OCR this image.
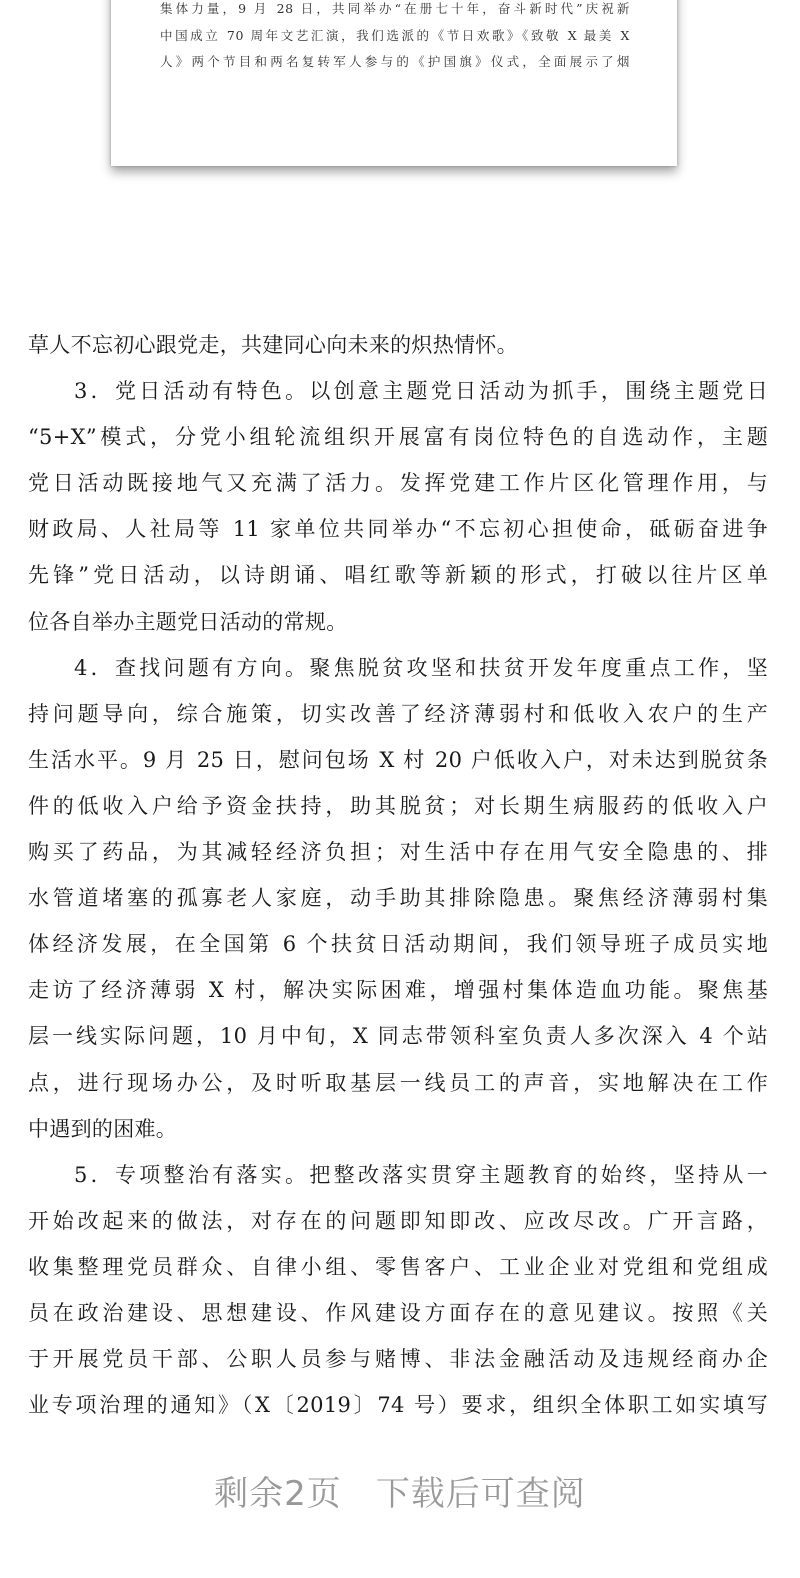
集体力量，9 月 28 日，共同举办“在册七十年，奋斗新时代”庆祝新
中国成立 70 周年文艺汇演，我们选派的《节日欢歌》《致敬 X 最美 X
人》两个节目和两名复转军人参与的《护国旗》仪式，全面展示了烟
草人不忘初心跟党走，共建同心向未来的炽热情怀。
3．党日活动有特色。以创意主题党日活动为抓手，围绕主题党日
“5+X”模式，分党小组轮流组织开展富有岗位特色的自选动作，主题
党日活动既接地气又充满了活力。发挥党建工作片区化管理作用，与
财政局、人社局等 11 家单位共同举办“不忘初心担使命，砥砺奋进争
先锋”党日活动，以诗朗诵、唱红歌等新颖的形式，打破以往片区单
位各自举办主题党日活动的常规。
4．查找问题有方向。聚焦脱贫攻坚和扶贫开发年度重点工作，坚
持问题导向，综合施策，切实改善了经济薄弱村和低收入农户的生产
生活水平。9 月 25 日，慰问包场 X 村 20 户低收入户，对未达到脱贫条
件的低收入户给予资金扶持，助其脱贫；对长期生病服药的低收入户
购买了药品，为其减轻经济负担；对生活中存在用气安全隐患的、排
水管道堵塞的孤寡老人家庭，动手助其排除隐患。聚焦经济薄弱村集
体经济发展，在全国第 6 个扶贫日活动期间，我们领导班子成员实地
走访了经济薄弱 X 村，解决实际困难，增强村集体造血功能。聚焦基
层一线实际问题，10 月中旬，X 同志带领科室负责人多次深入 4 个站
点，进行现场办公，及时听取基层一线员工的声音，实地解决在工作
中遇到的困难。
5．专项整治有落实。把整改落实贯穿主题教育的始终，坚持从一
开始改起来的做法，对存在的问题即知即改、应改尽改。广开言路，
收集整理党员群众、自律小组、零售客户、工业企业对党组和党组成
员在政治建设、思想建设、作风建设方面存在的意见建议。按照《关
于开展党员干部、公职人员参与赌博、非法金融活动及违规经商办企
业专项治理的通知》（X〔2019〕74 号）要求，组织全体职工如实填写
剩余2页 下载后可查阅
